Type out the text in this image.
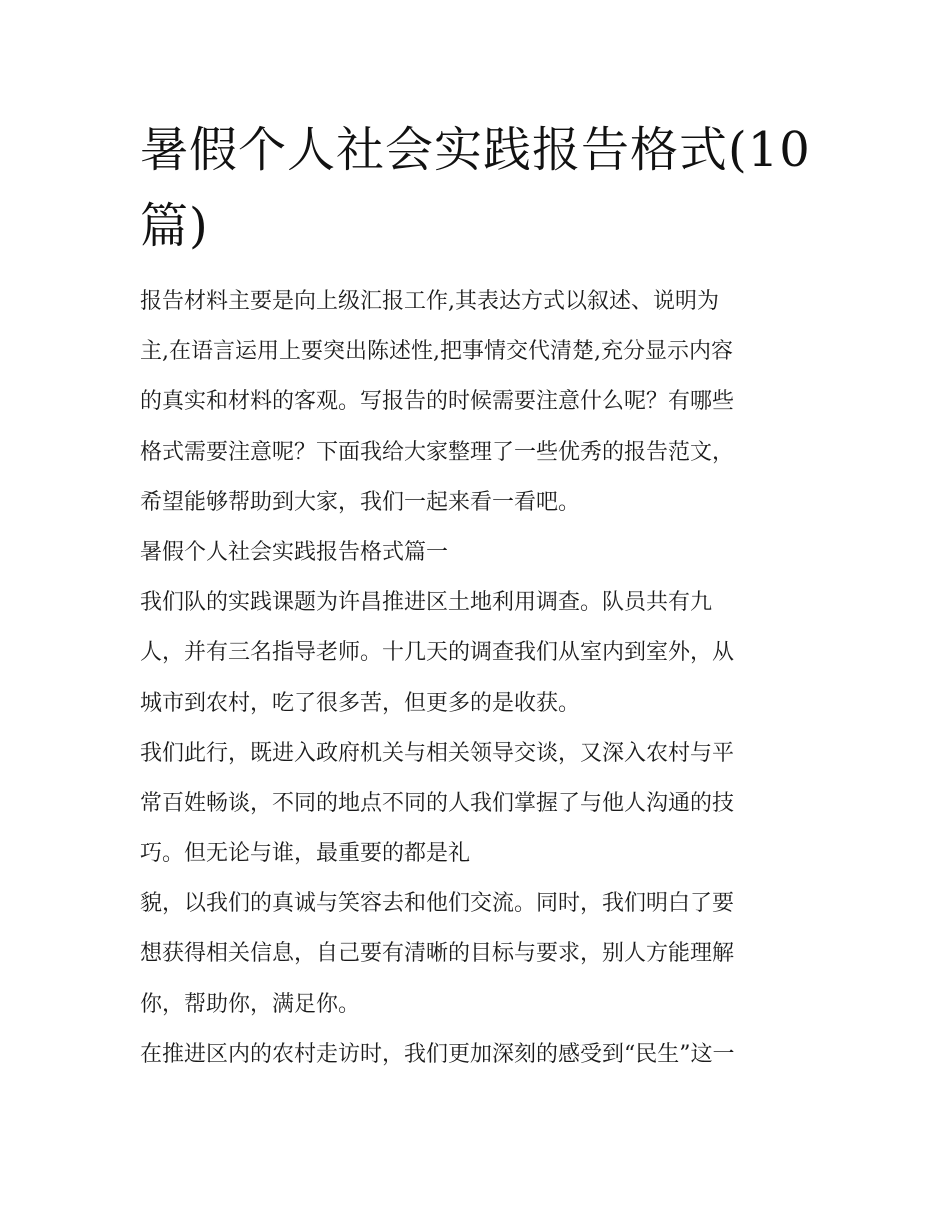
暑假个人社会实践报告格式(10篇)
报告材料主要是向上级汇报工作,其表达方式以叙述、说明为
主,在语言运用上要突出陈述性,把事情交代清楚,充分显示内容
的真实和材料的客观。写报告的时候需要注意什么呢？有哪些
格式需要注意呢？下面我给大家整理了一些优秀的报告范文，
希望能够帮助到大家，我们一起来看一看吧。
暑假个人社会实践报告格式篇一
我们队的实践课题为许昌推进区土地利用调查。队员共有九
人，并有三名指导老师。十几天的调查我们从室内到室外，从
城市到农村，吃了很多苦，但更多的是收获。
我们此行，既进入政府机关与相关领导交谈，又深入农村与平
常百姓畅谈，不同的地点不同的人我们掌握了与他人沟通的技
巧。但无论与谁，最重要的都是礼
貌，以我们的真诚与笑容去和他们交流。同时，我们明白了要
想获得相关信息，自己要有清晰的目标与要求，别人方能理解
你，帮助你，满足你。
在推进区内的农村走访时，我们更加深刻的感受到“民生”这一
